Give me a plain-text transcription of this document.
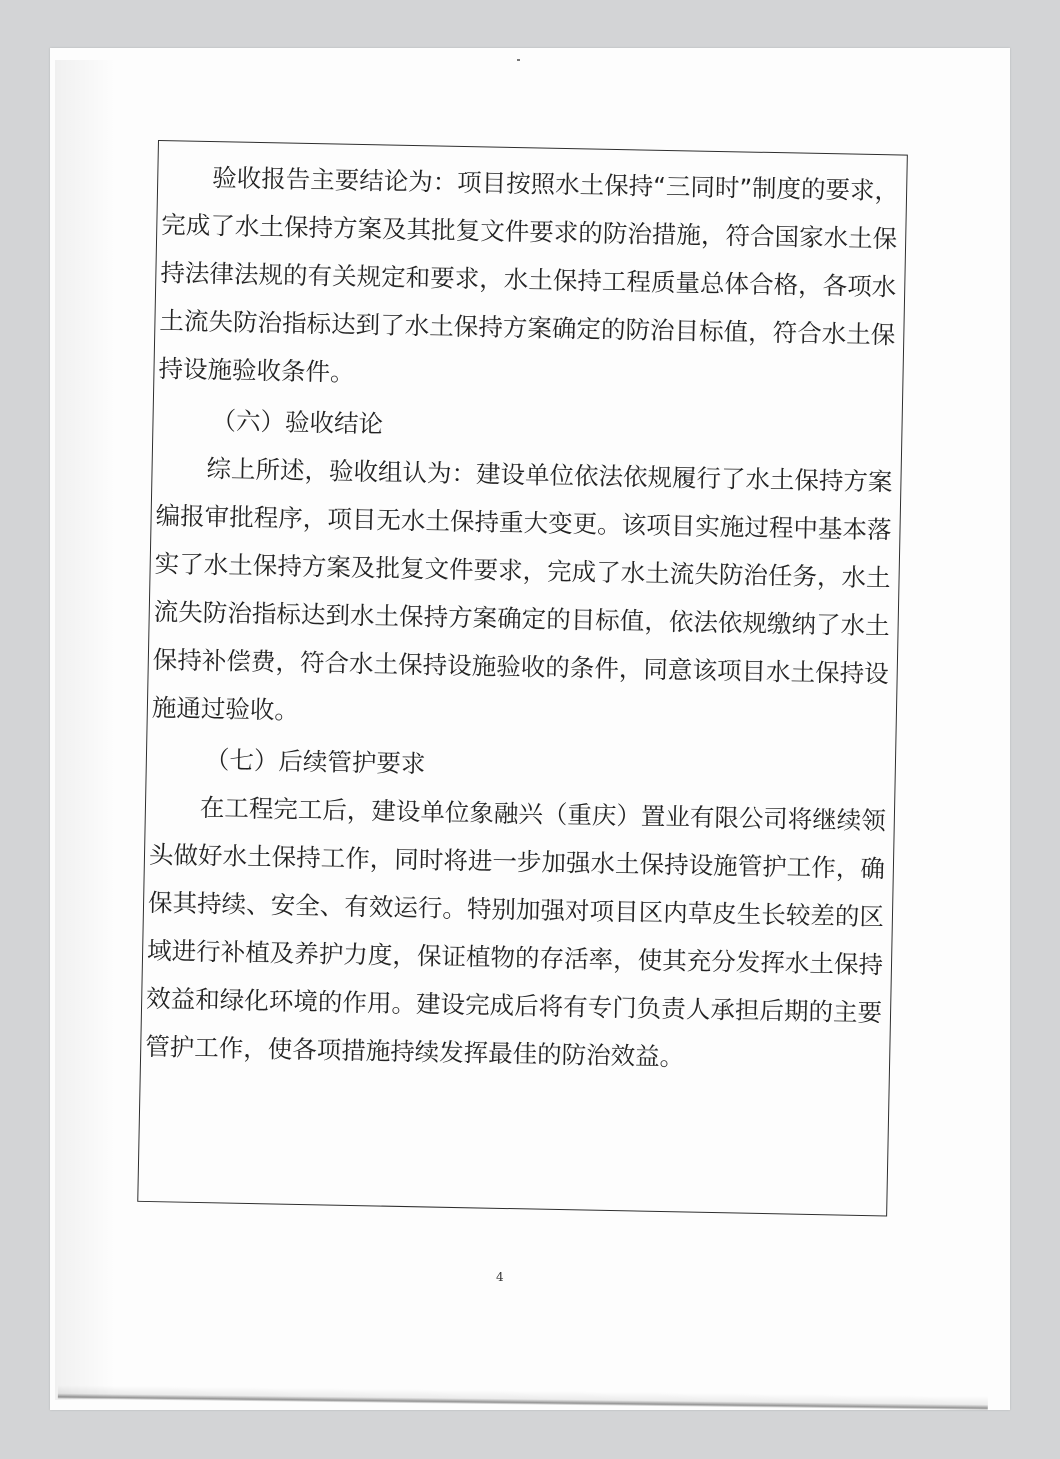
验收报告主要结论为：项目按照水土保持“三同时”制度的要求，
完成了水土保持方案及其批复文件要求的防治措施，符合国家水土保
持法律法规的有关规定和要求，水土保持工程质量总体合格，各项水
土流失防治指标达到了水土保持方案确定的防治目标值，符合水土保
持设施验收条件。
（六）验收结论
综上所述，验收组认为：建设单位依法依规履行了水土保持方案
编报审批程序，项目无水土保持重大变更。该项目实施过程中基本落
实了水土保持方案及批复文件要求，完成了水土流失防治任务，水土
流失防治指标达到水土保持方案确定的目标值，依法依规缴纳了水土
保持补偿费，符合水土保持设施验收的条件，同意该项目水土保持设
施通过验收。
（七）后续管护要求
在工程完工后，建设单位象融兴（重庆）置业有限公司将继续领
头做好水土保持工作，同时将进一步加强水土保持设施管护工作，确
保其持续、安全、有效运行。特别加强对项目区内草皮生长较差的区
域进行补植及养护力度，保证植物的存活率，使其充分发挥水土保持
效益和绿化环境的作用。建设完成后将有专门负责人承担后期的主要
管护工作，使各项措施持续发挥最佳的防治效益。
4
